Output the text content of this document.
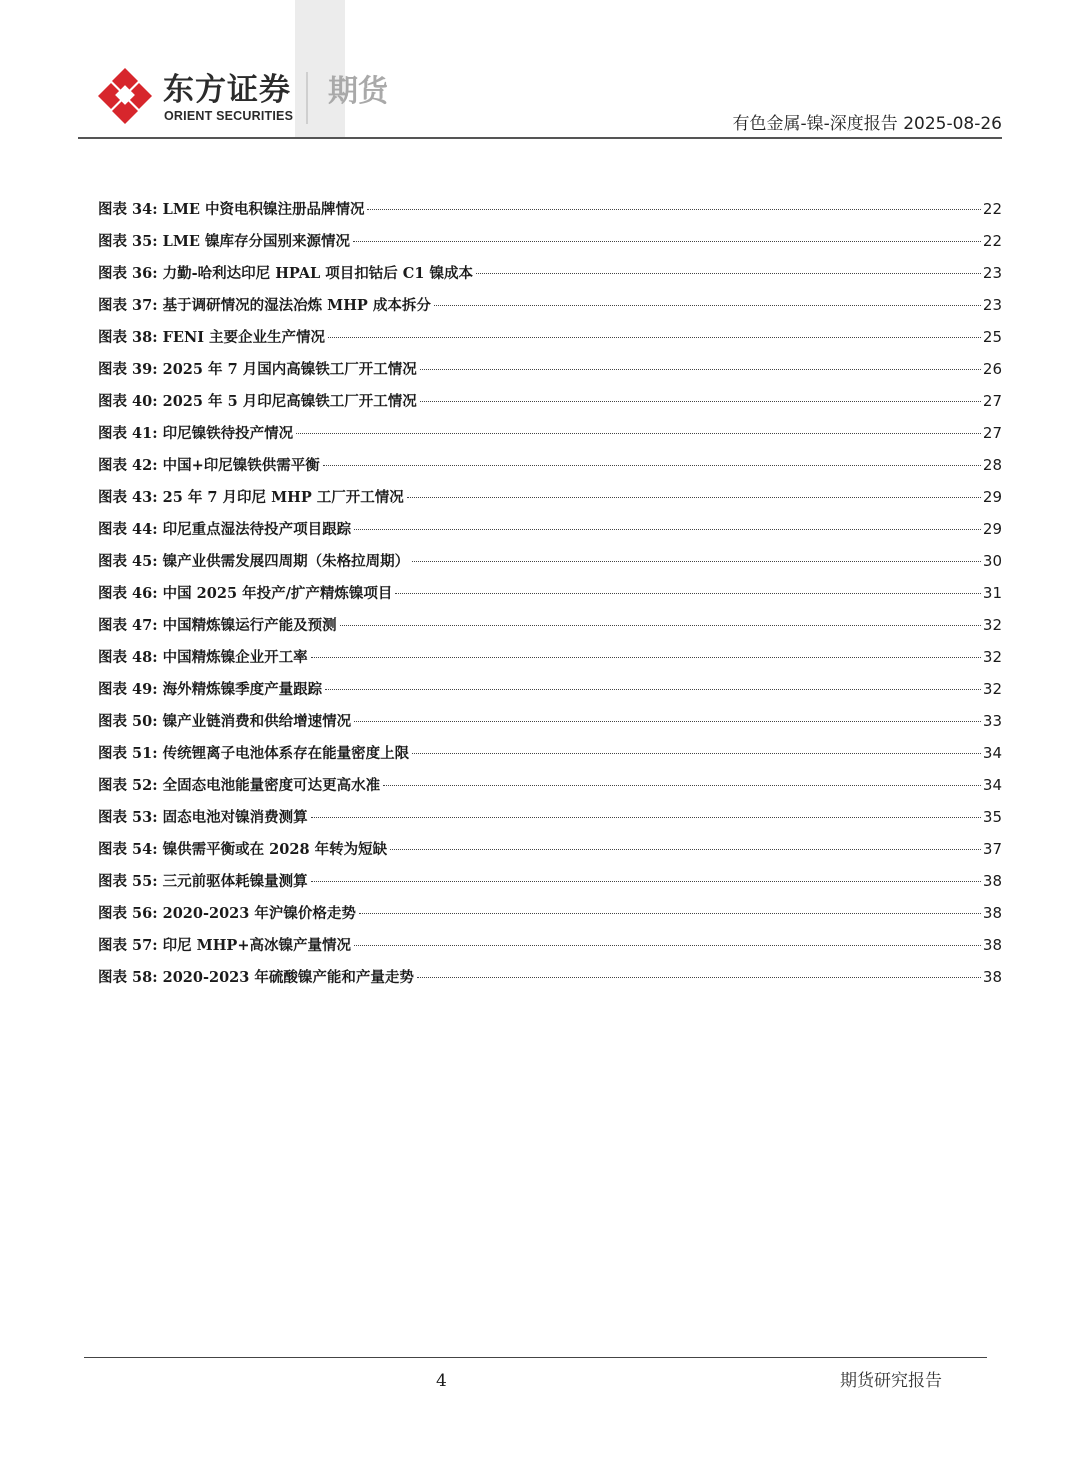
东方证券
ORIENT SECURITIES
期货
有色金属-镍-深度报告 2025-08-26
图表 34: LME 中资电积镍注册品牌情况	22
图表 35: LME 镍库存分国别来源情况	22
图表 36: 力勤-哈利达印尼 HPAL 项目扣钴后 C1 镍成本	23
图表 37: 基于调研情况的湿法冶炼 MHP 成本拆分	23
图表 38: FENI 主要企业生产情况	25
图表 39: 2025 年 7 月国内高镍铁工厂开工情况	26
图表 40: 2025 年 5 月印尼高镍铁工厂开工情况	27
图表 41: 印尼镍铁待投产情况	27
图表 42: 中国+印尼镍铁供需平衡	28
图表 43: 25 年 7 月印尼 MHP 工厂开工情况	29
图表 44: 印尼重点湿法待投产项目跟踪	29
图表 45: 镍产业供需发展四周期（朱格拉周期）	30
图表 46: 中国 2025 年投产/扩产精炼镍项目	31
图表 47: 中国精炼镍运行产能及预测	32
图表 48: 中国精炼镍企业开工率	32
图表 49: 海外精炼镍季度产量跟踪	32
图表 50: 镍产业链消费和供给增速情况	33
图表 51: 传统锂离子电池体系存在能量密度上限	34
图表 52: 全固态电池能量密度可达更高水准	34
图表 53: 固态电池对镍消费测算	35
图表 54: 镍供需平衡或在 2028 年转为短缺	37
图表 55: 三元前驱体耗镍量测算	38
图表 56: 2020-2023 年沪镍价格走势	38
图表 57: 印尼 MHP+高冰镍产量情况	38
图表 58: 2020-2023 年硫酸镍产能和产量走势	38
4	期货研究报告
